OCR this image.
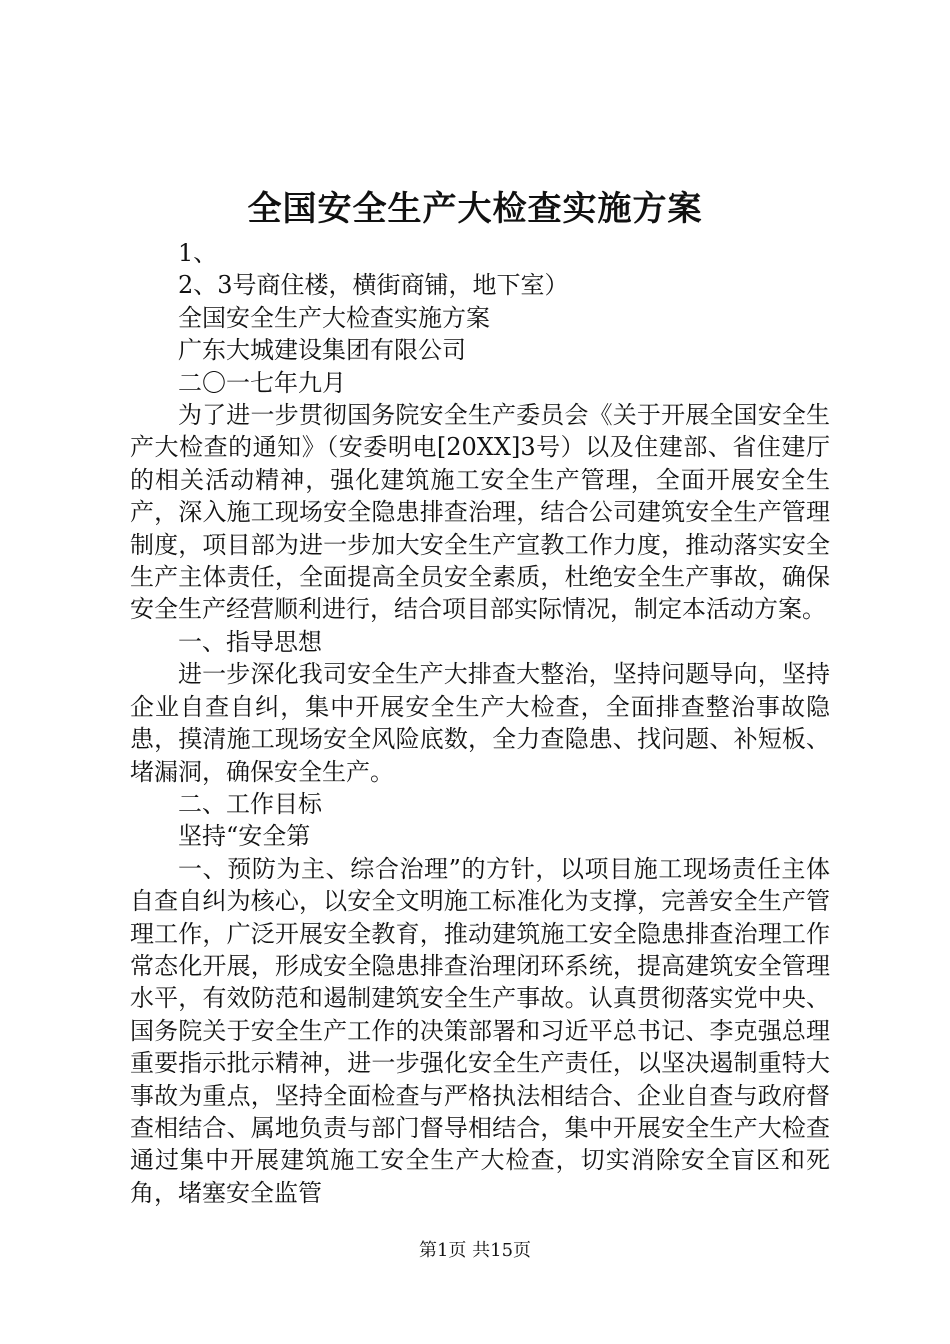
全国安全生产大检查实施方案

1、

2、3号商住楼，横街商铺，地下室）

全国安全生产大检查实施方案

广东大城建设集团有限公司

二〇一七年九月

为了进一步贯彻国务院安全生产委员会《关于开展全国安全生产大检查的通知》（安委明电[20XX]3号）以及住建部、省住建厅的相关活动精神，强化建筑施工安全生产管理，全面开展安全生产，深入施工现场安全隐患排查治理，结合公司建筑安全生产管理制度，项目部为进一步加大安全生产宣教工作力度，推动落实安全生产主体责任，全面提高全员安全素质，杜绝安全生产事故，确保安全生产经营顺利进行，结合项目部实际情况，制定本活动方案。

一、指导思想

进一步深化我司安全生产大排查大整治，坚持问题导向，坚持企业自查自纠，集中开展安全生产大检查，全面排查整治事故隐患，摸清施工现场安全风险底数，全力查隐患、找问题、补短板、堵漏洞，确保安全生产。

二、工作目标

坚持“安全第

一、预防为主、综合治理”的方针，以项目施工现场责任主体自查自纠为核心，以安全文明施工标准化为支撑，完善安全生产管理工作，广泛开展安全教育，推动建筑施工安全隐患排查治理工作常态化开展，形成安全隐患排查治理闭环系统，提高建筑安全管理水平，有效防范和遏制建筑安全生产事故。认真贯彻落实党中央、国务院关于安全生产工作的决策部署和习近平总书记、李克强总理重要指示批示精神，进一步强化安全生产责任，以坚决遏制重特大事故为重点，坚持全面检查与严格执法相结合、企业自查与政府督查相结合、属地负责与部门督导相结合，集中开展安全生产大检查通过集中开展建筑施工安全生产大检查，切实消除安全盲区和死角，堵塞安全监管

第1页 共15页
